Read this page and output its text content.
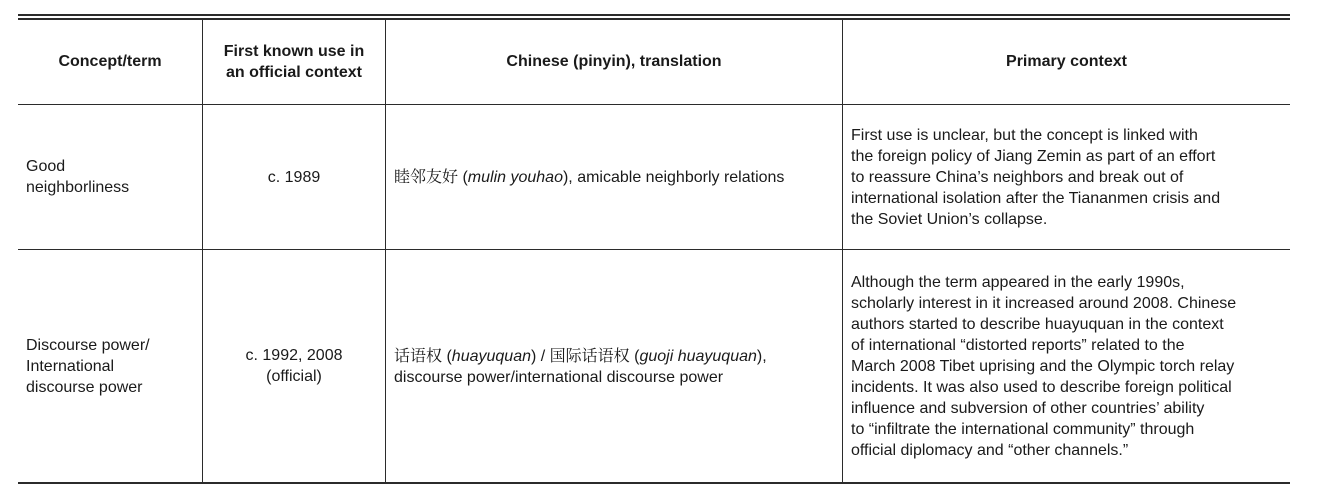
Concept/term
First known use in
an official context
Chinese (pinyin), translation	Primary context
Good
neighborliness
c. 1989	睦邻友好 (mulin youhao), amicable neighborly relations
First use is unclear, but the concept is linked with
the foreign policy of Jiang Zemin as part of an effort
to reassure China’s neighbors and break out of
international isolation after the Tiananmen crisis and
the Soviet Union’s collapse.
Discourse power/
International
discourse power
c. 1992, 2008
(official)
话语权 (huayuquan) / 国际话语权 (guoji huayuquan),
discourse power/international discourse power
Although the term appeared in the early 1990s,
scholarly interest in it increased around 2008. Chinese
authors started to describe huayuquan in the context
of international “distorted reports” related to the
March 2008 Tibet uprising and the Olympic torch relay
incidents. It was also used to describe foreign political
influence and subversion of other countries’ ability
to “infiltrate the international community” through
official diplomacy and “other channels.”
